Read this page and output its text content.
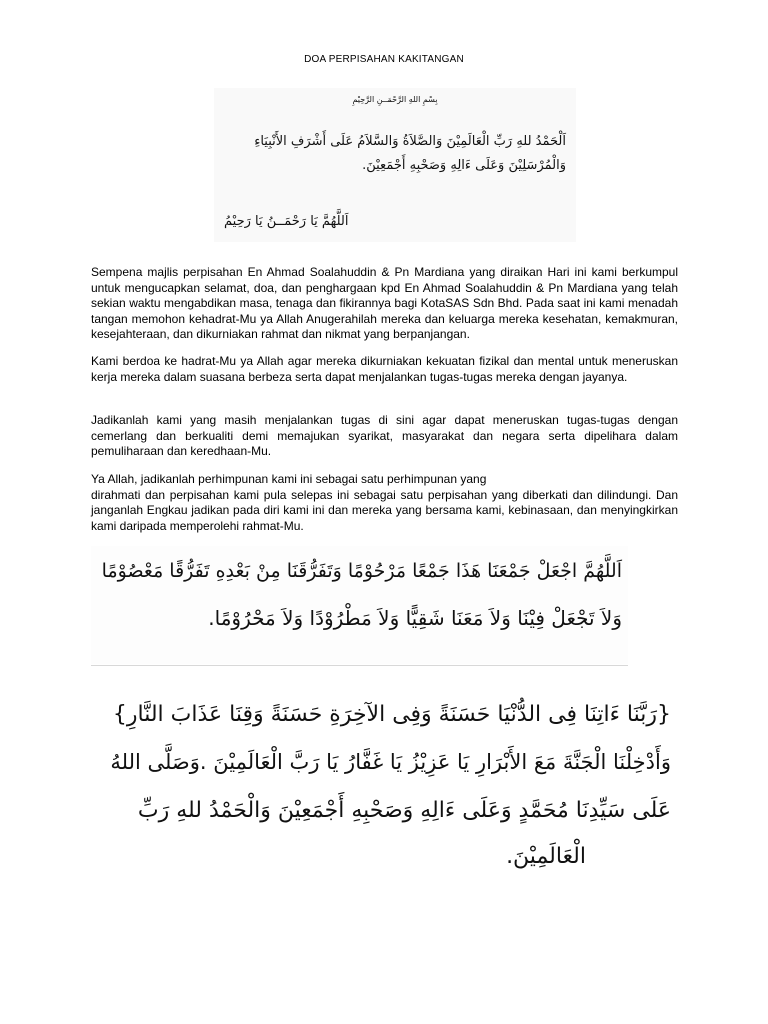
DOA PERPISAHAN KAKITANGAN

بِسْمِ اللهِ الرَّحْمَــنِ الرَّحِيْمِ

اَلْحَمْدُ للهِ رَبِّ الْعَالَمِيْنَ وَالصَّلاَةُ وَالسَّلاَمُ عَلَى أَشْرَفِ الأَنْبِيَاءِ

وَالْمُرْسَلِيْنَ وَعَلَى ءَالِهِ وَصَحْبِهِ أَجْمَعِيْنَ.

اَللَّهُمَّ يَا رَحْمَــنُ يَا رَحِيْمُ

Sempena majlis perpisahan En Ahmad Soalahuddin & Pn Mardiana yang diraikan Hari ini kami berkumpul untuk mengucapkan selamat, doa, dan penghargaan kpd En Ahmad Soalahuddin & Pn Mardiana yang telah sekian waktu mengabdikan masa, tenaga dan fikirannya bagi KotaSAS Sdn Bhd. Pada saat ini kami menadah tangan memohon kehadrat-Mu ya Allah Anugerahilah mereka dan keluarga mereka kesehatan, kemakmuran, kesejahteraan, dan dikurniakan rahmat dan nikmat yang berpanjangan.
Kami berdoa ke hadrat-Mu ya Allah agar mereka dikurniakan kekuatan fizikal dan mental untuk meneruskan kerja mereka dalam suasana berbeza serta dapat menjalankan tugas-tugas mereka dengan jayanya.
Jadikanlah kami yang masih menjalankan tugas di sini agar dapat meneruskan tugas-tugas dengan cemerlang dan berkualiti demi memajukan syarikat, masyarakat dan negara serta dipelihara dalam pemuliharaan dan keredhaan-Mu.
Ya Allah, jadikanlah perhimpunan kami ini sebagai satu perhimpunan yang
dirahmati dan perpisahan kami pula selepas ini sebagai satu perpisahan yang diberkati dan dilindungi. Dan janganlah Engkau jadikan pada diri kami ini dan mereka yang bersama kami, kebinasaan, dan menyingkirkan kami daripada memperolehi rahmat-Mu.

اَللَّهُمَّ اجْعَلْ جَمْعَنَا هَذَا جَمْعًا مَرْحُوْمًا وَتَفَرُّقَنَا مِنْ بَعْدِهِ تَفَرُّقًا مَعْصُوْمًا

وَلاَ تَجْعَلْ فِيْنَا وَلاَ مَعَنَا شَقِيًّا وَلاَ مَطْرُوْدًا وَلاَ مَحْرُوْمًا.

{رَبَّنَا ءَاتِنَا فِى الدُّنْيَا حَسَنَةً وَفِى الآخِرَةِ حَسَنَةً وَقِنَا عَذَابَ النَّارِ}

وَأَدْخِلْنَا الْجَنَّةَ مَعَ الأَبْرَارِ يَا عَزِيْزُ يَا غَفَّارُ يَا رَبَّ الْعَالَمِيْنَ .وَصَلَّى اللهُ

عَلَى سَيِّدِنَا مُحَمَّدٍ وَعَلَى ءَالِهِ وَصَحْبِهِ أَجْمَعِيْنَ وَالْحَمْدُ للهِ رَبِّ

الْعَالَمِيْنَ.
